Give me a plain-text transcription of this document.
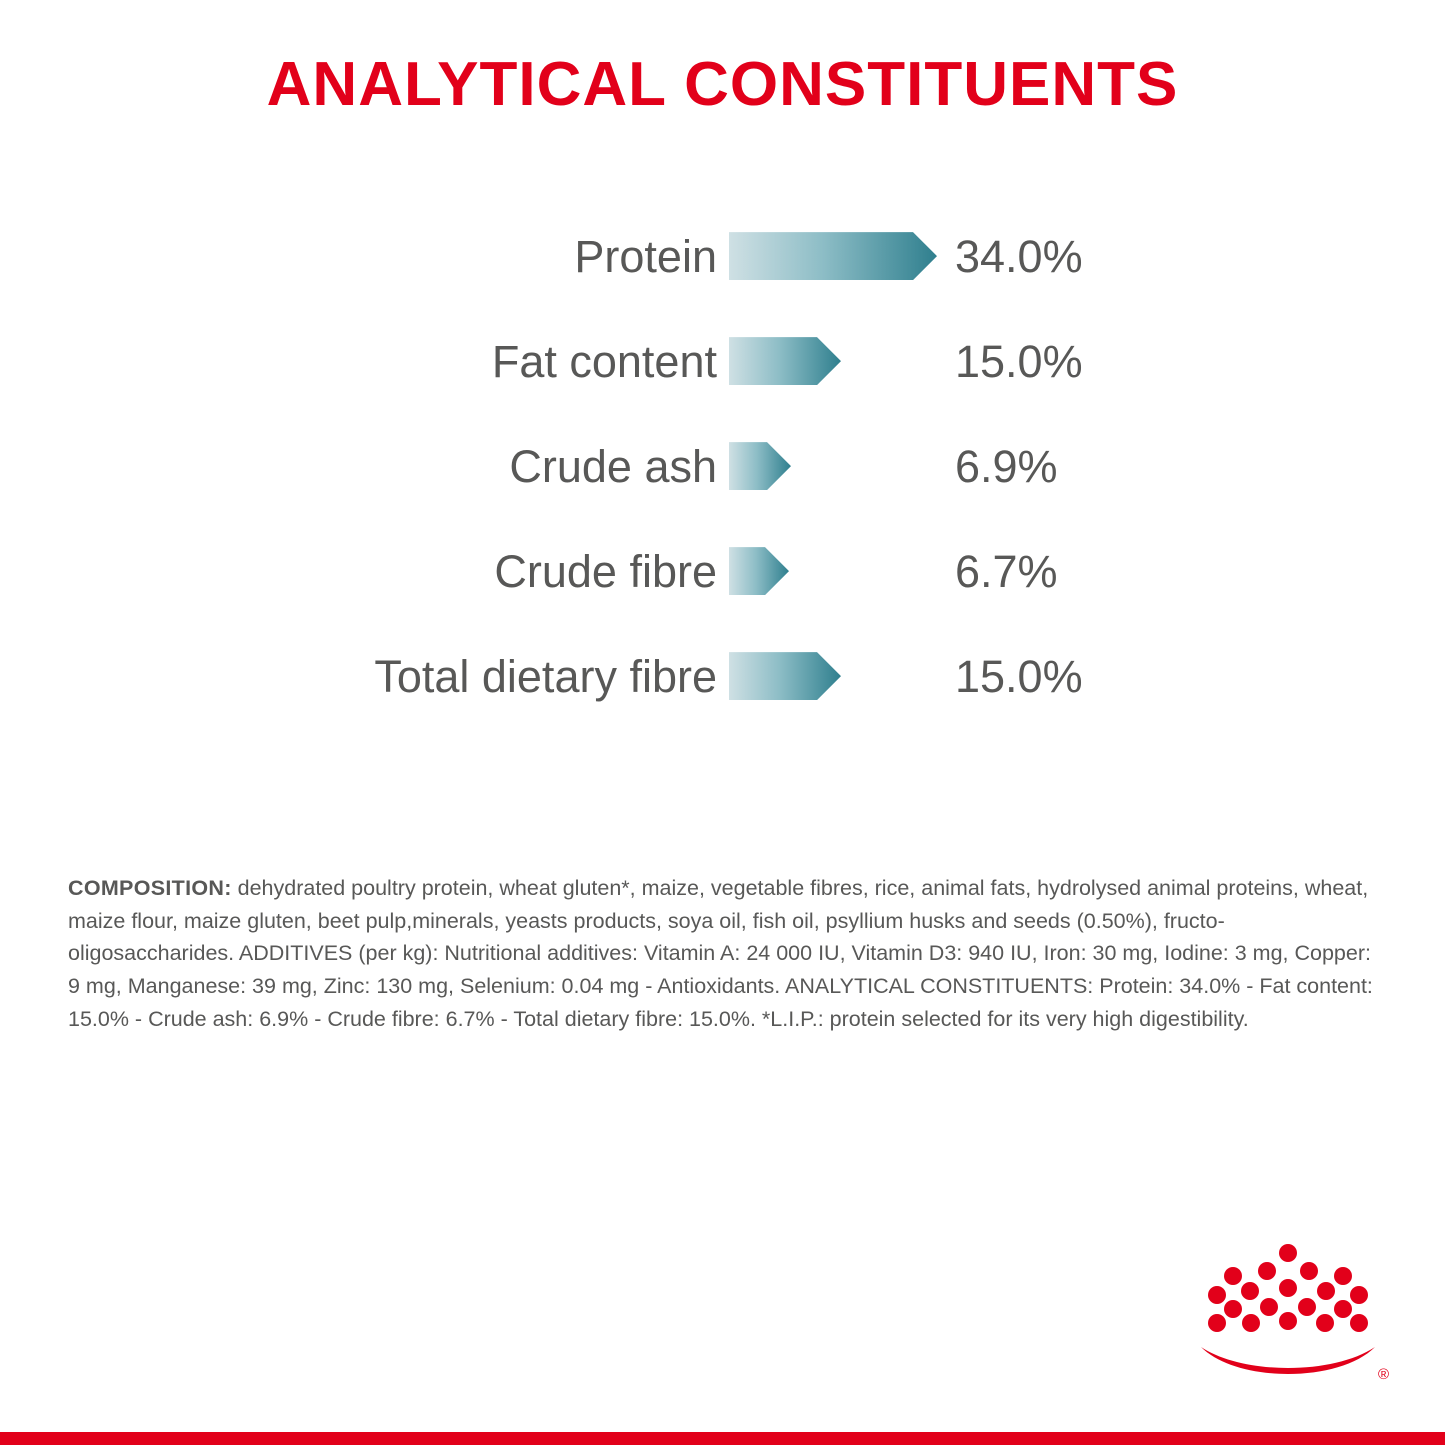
ANALYTICAL CONSTITUENTS
Protein	34.0%
Fat content	15.0%
Crude ash	6.9%
Crude fibre	6.7%
Total dietary fibre	15.0%
COMPOSITION: dehydrated poultry protein, wheat gluten*, maize, vegetable fibres, rice, animal fats, hydrolysed animal proteins, wheat, maize flour, maize gluten, beet pulp,minerals, yeasts products, soya oil, fish oil, psyllium husks and seeds (0.50%), fructo-oligosaccharides. ADDITIVES (per kg): Nutritional additives: Vitamin A: 24 000 IU, Vitamin D3: 940 IU, Iron: 30 mg, Iodine: 3 mg, Copper: 9 mg, Manganese: 39 mg, Zinc: 130 mg, Selenium: 0.04 mg - Antioxidants. ANALYTICAL CONSTITUENTS: Protein: 34.0% - Fat content: 15.0% - Crude ash: 6.9% - Crude fibre: 6.7% - Total dietary fibre: 15.0%. *L.I.P.: protein selected for its very high digestibility.
®
